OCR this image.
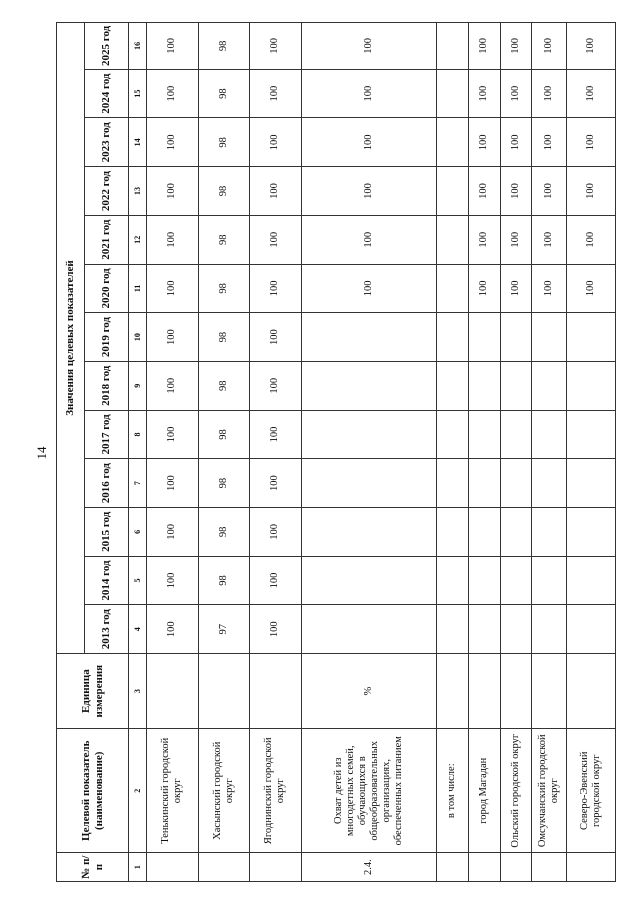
14
№ п/п	Целевой показатель (наименование)	Единица измерения	Значения целевых показателей												
			2013 год	2014 год	2015 год	2016 год	2017 год	2018 год	2019 год	2020 год	2021 год	2022 год	2023 год	2024 год	2025 год
1	2	3	4	5	6	7	8	9	10	11	12	13	14	15	16
	Тенькинский городской округ		100	100	100	100	100	100	100	100	100	100	100	100	100
	Хасынский городской округ		97	98	98	98	98	98	98	98	98	98	98	98	98
	Ягоднинский городской округ		100	100	100	100	100	100	100	100	100	100	100	100	100
2.4.	Охват детей из многодетных семей, обучающихся в общеобразовательных организациях, обеспеченных питанием	%								100	100	100	100	100	100
	в том числе:														
	город Магадан									100	100	100	100	100	100
	Ольский городской округ									100	100	100	100	100	100
	Омсукчанский городской округ									100	100	100	100	100	100
	Северо-Эвенский городской округ									100	100	100	100	100	100
